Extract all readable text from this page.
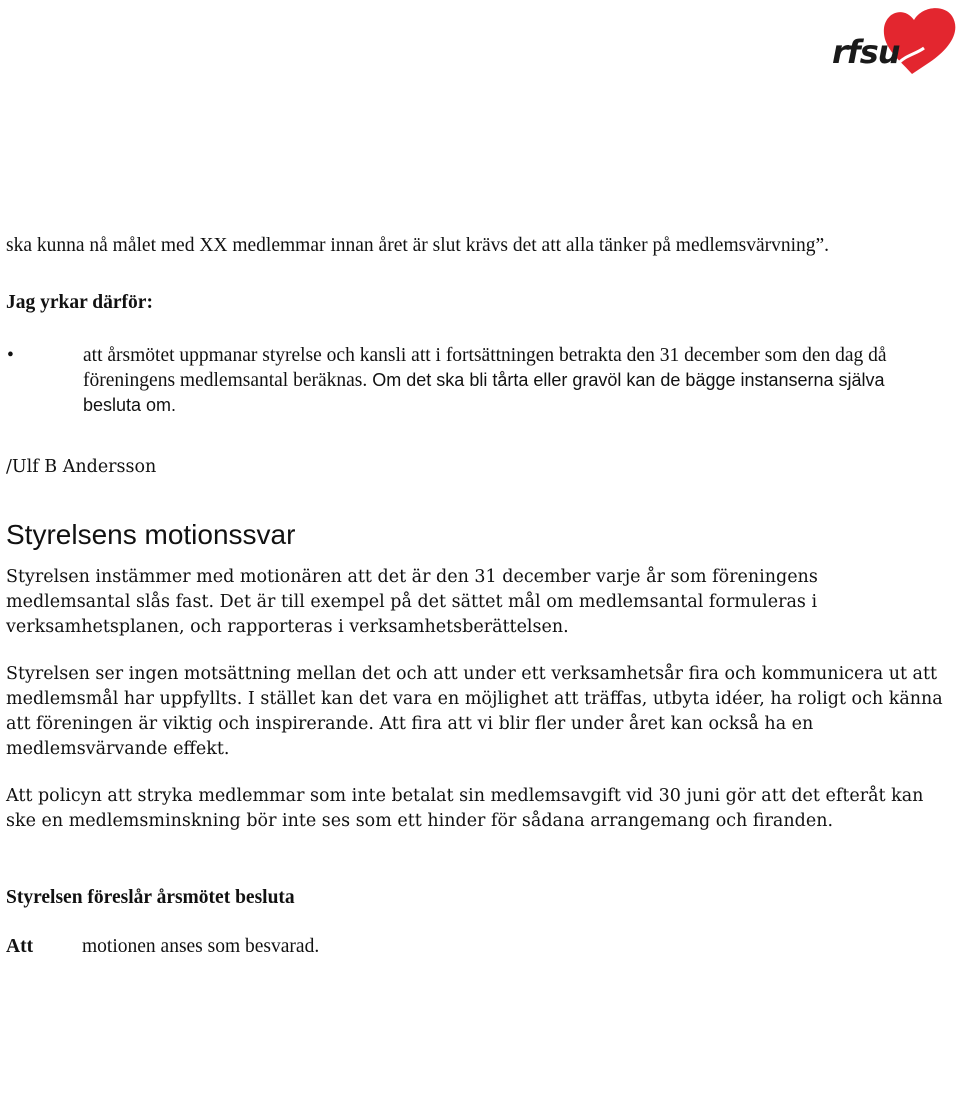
rfsu

ska kunna nå målet med XX medlemmar innan året är slut krävs det att alla tänker på medlemsvärvning”.

Jag yrkar därför:

•	att årsmötet uppmanar styrelse och kansli att i fortsättningen betrakta den 31 december som den dag då föreningens medlemsantal beräknas. Om det ska bli tårta eller gravöl kan de bägge instanserna själva besluta om.

/Ulf B Andersson

Styrelsens motionssvar

Styrelsen instämmer med motionären att det är den 31 december varje år som föreningens medlemsantal slås fast. Det är till exempel på det sättet mål om medlemsantal formuleras i verksamhetsplanen, och rapporteras i verksamhetsberättelsen.

Styrelsen ser ingen motsättning mellan det och att under ett verksamhetsår fira och kommunicera ut att medlemsmål har uppfyllts. I stället kan det vara en möjlighet att träffas, utbyta idéer, ha roligt och känna att föreningen är viktig och inspirerande. Att fira att vi blir fler under året kan också ha en medlemsvärvande effekt.

Att policyn att stryka medlemmar som inte betalat sin medlemsavgift vid 30 juni gör att det efteråt kan ske en medlemsminskning bör inte ses som ett hinder för sådana arrangemang och firanden.

Styrelsen föreslår årsmötet besluta

Att	motionen anses som besvarad.
